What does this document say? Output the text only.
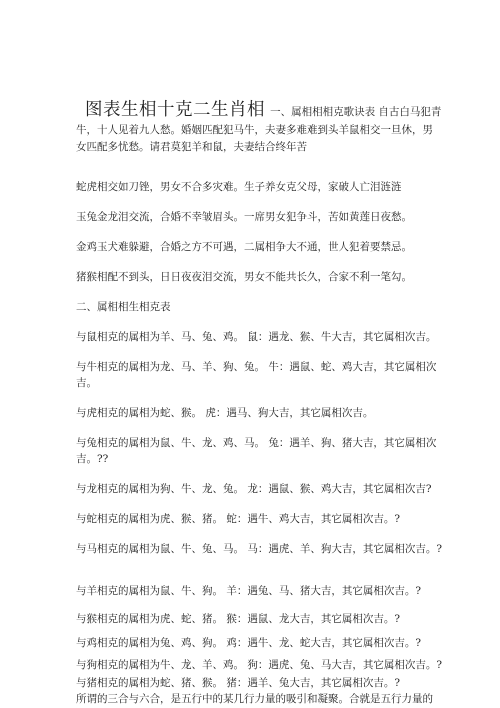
图表生相十克二生肖相 一、属相相相克歌诀表 自古白马犯青
牛，十人见着九人愁。婚姻匹配犯马牛，夫妻多难难到头羊鼠相交一旦休，男
女匹配多忧愁。请君莫犯羊和鼠，夫妻结合终年苦
蛇虎相交如刀锉，男女不合多灾难。生子养女克父母，家破人亡泪涟涟
玉兔金龙泪交流，合婚不幸皱眉头。一席男女犯争斗，苦如黄莲日夜愁。
金鸡玉犬难躲避，合婚之方不可遇，二属相争大不通，世人犯着要禁忌。
猪猴相配不到头，日日夜夜泪交流，男女不能共长久，合家不利一笔勾。
二、属相相生相克表
与鼠相克的属相为羊、马、兔、鸡。 鼠：遇龙、猴、牛大吉，其它属相次吉。
与牛相克的属相为龙、马、羊、狗、兔。 牛：遇鼠、蛇、鸡大吉，其它属相次
吉。
与虎相克的属相为蛇、猴。 虎：遇马、狗大吉，其它属相次吉。
与兔相克的属相为鼠、牛、龙、鸡、马。 兔：遇羊、狗、猪大吉，其它属相次
吉。??
与龙相克的属相为狗、牛、龙、兔。 龙：遇鼠、猴、鸡大吉，其它属相次吉?
与蛇相克的属相为虎、猴、猪。 蛇：遇牛、鸡大吉，其它属相次吉。?
与马相克的属相为鼠、牛、兔、马。 马：遇虎、羊、狗大吉，其它属相次吉。?
与羊相克的属相为鼠、牛、狗。 羊：遇兔、马、猪大吉，其它属相次吉。?
与猴相克的属相为虎、蛇、猪。 猴：遇鼠、龙大吉，其它属相次吉。?
与鸡相克的属相为兔、鸡、狗。 鸡：遇牛、龙、蛇大吉，其它属相次吉。?
与狗相克的属相为牛、龙、羊、鸡。 狗：遇虎、兔、马大吉，其它属相次吉。?
与猪相克的属相为蛇、猪、猴。 猪：遇羊、兔大吉，其它属相次吉。?
所谓的三合与六合，是五行中的某几行力量的吸引和凝聚。合就是五行力量的
